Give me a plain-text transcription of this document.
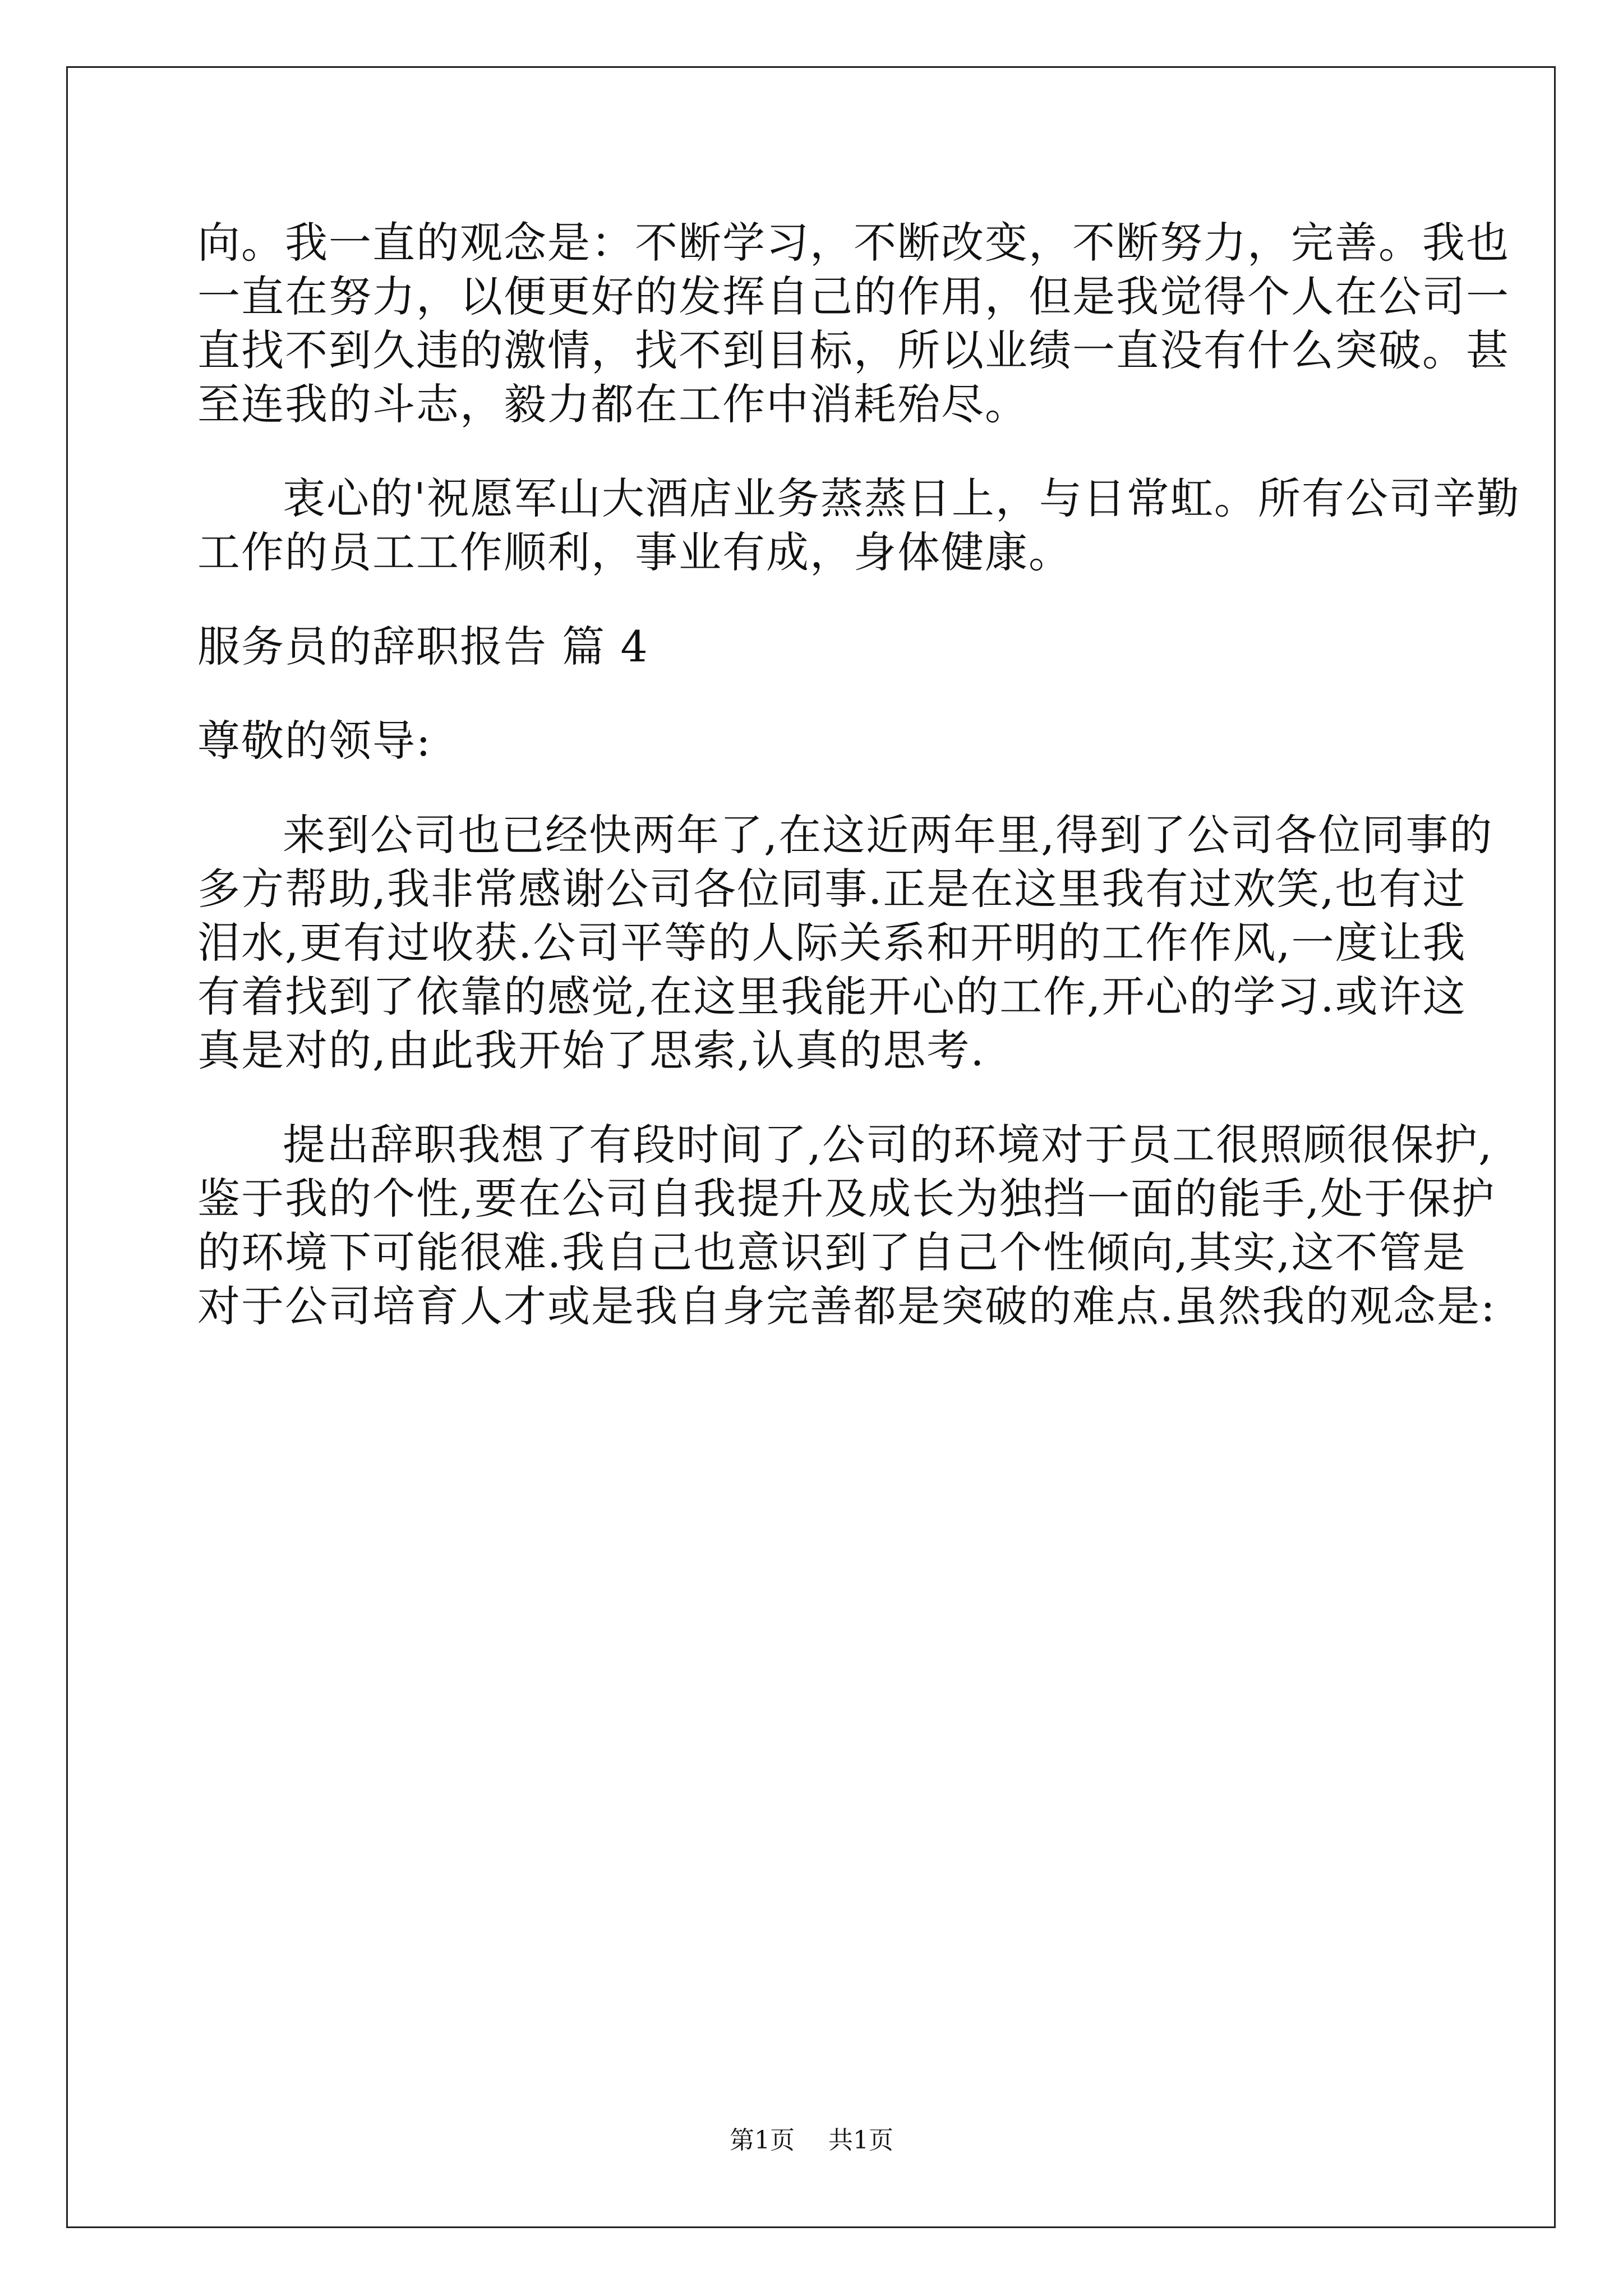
向。我一直的观念是：不断学习，不断改变，不断努力，完善。我也

一直在努力，以便更好的发挥自己的作用，但是我觉得个人在公司一

直找不到久违的激情，找不到目标，所以业绩一直没有什么突破。甚

至连我的斗志，毅力都在工作中消耗殆尽。

衷心的'祝愿军山大酒店业务蒸蒸日上，与日常虹。所有公司辛勤

工作的员工工作顺利，事业有成，身体健康。

服务员的辞职报告 篇 4

尊敬的领导:

来到公司也已经快两年了,在这近两年里,得到了公司各位同事的

多方帮助,我非常感谢公司各位同事.正是在这里我有过欢笑,也有过

泪水,更有过收获.公司平等的人际关系和开明的工作作风,一度让我

有着找到了依靠的感觉,在这里我能开心的工作,开心的学习.或许这

真是对的,由此我开始了思索,认真的思考.

提出辞职我想了有段时间了,公司的环境对于员工很照顾很保护,

鉴于我的个性,要在公司自我提升及成长为独挡一面的能手,处于保护

的环境下可能很难.我自己也意识到了自己个性倾向,其实,这不管是

对于公司培育人才或是我自身完善都是突破的难点.虽然我的观念是:

第1页 共1页
